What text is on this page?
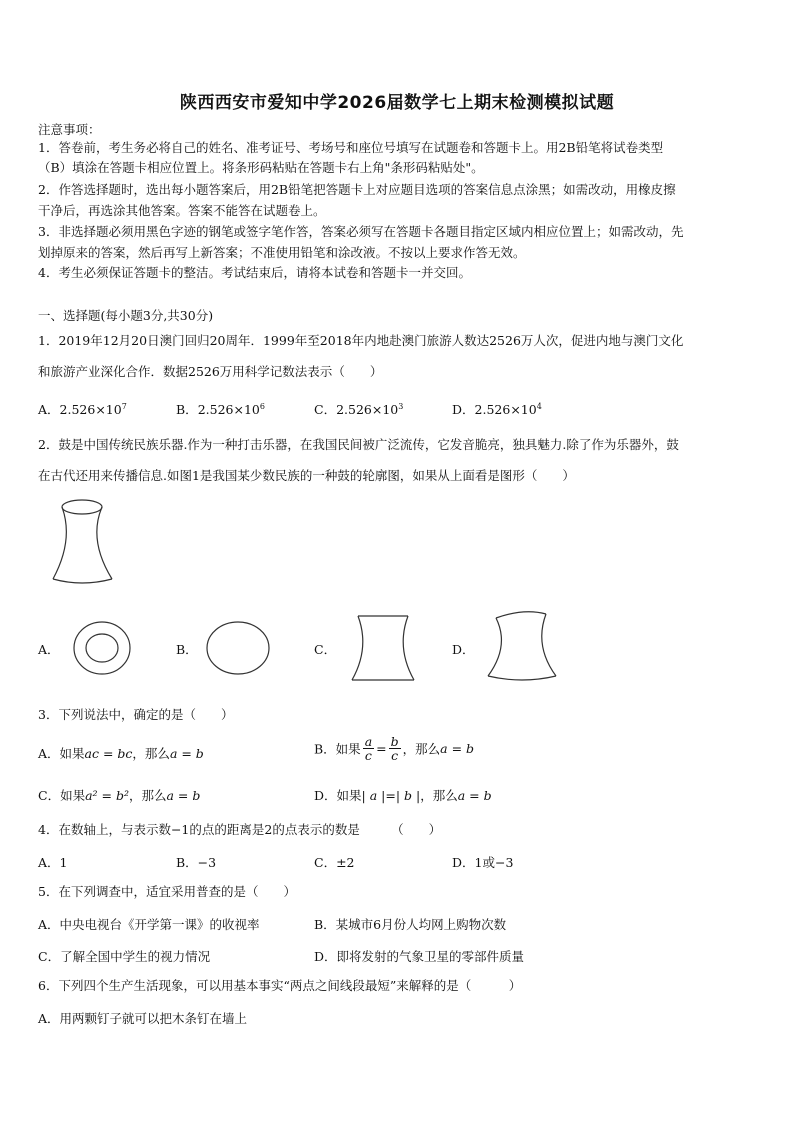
陕西西安市爱知中学2026届数学七上期末检测模拟试题
注意事项：
1．答卷前，考生务必将自己的姓名、准考证号、考场号和座位号填写在试题卷和答题卡上。用2B铅笔将试卷类型
（B）填涂在答题卡相应位置上。将条形码粘贴在答题卡右上角"条形码粘贴处"。
2．作答选择题时，选出每小题答案后，用2B铅笔把答题卡上对应题目选项的答案信息点涂黑；如需改动，用橡皮擦
干净后，再选涂其他答案。答案不能答在试题卷上。
3．非选择题必须用黑色字迹的钢笔或签字笔作答，答案必须写在答题卡各题目指定区域内相应位置上；如需改动，先
划掉原来的答案，然后再写上新答案；不准使用铅笔和涂改液。不按以上要求作答无效。
4．考生必须保证答题卡的整洁。考试结束后，请将本试卷和答题卡一并交回。
一、选择题(每小题3分,共30分)
1．2019年12月20日澳门回归20周年．1999年至2018年内地赴澳门旅游人数达2526万人次，促进内地与澳门文化
和旅游产业深化合作．数据2526万用科学记数法表示（　　）
A．$2.526\times 10^7$	B．$2.526\times 10^6$	C．$2.526\times 10^3$	D．$2.526\times 10^4$
2．鼓是中国传统民族乐器.作为一种打击乐器，在我国民间被广泛流传，它发音脆亮，独具魅力.除了作为乐器外，鼓
在古代还用来传播信息.如图1是我国某少数民族的一种鼓的轮廓图，如果从上面看是图形（　　）
A．	B．	C．	D．
3．下列说法中，确定的是（　　）
A．如果ac = bc，那么a = b	B．如果 $\frac{a}{c} = \frac{b}{c}$ ，那么a = b
C．如果a² = b²，那么a = b	D．如果| a |=| b |，那么a = b
4．在数轴上，与表示数−1的点的距离是2的点表示的数是　　　（　　）
A．1	B．−3	C．±2	D．1或−3
5．在下列调查中，适宜采用普查的是（　　）
A．中央电视台《开学第一课》的收视率	B．某城市6月份人均网上购物次数
C．了解全国中学生的视力情况	D．即将发射的气象卫星的零部件质量
6．下列四个生产生活现象，可以用基本事实“两点之间线段最短”来解释的是（　　　）
A．用两颗钉子就可以把木条钉在墙上
